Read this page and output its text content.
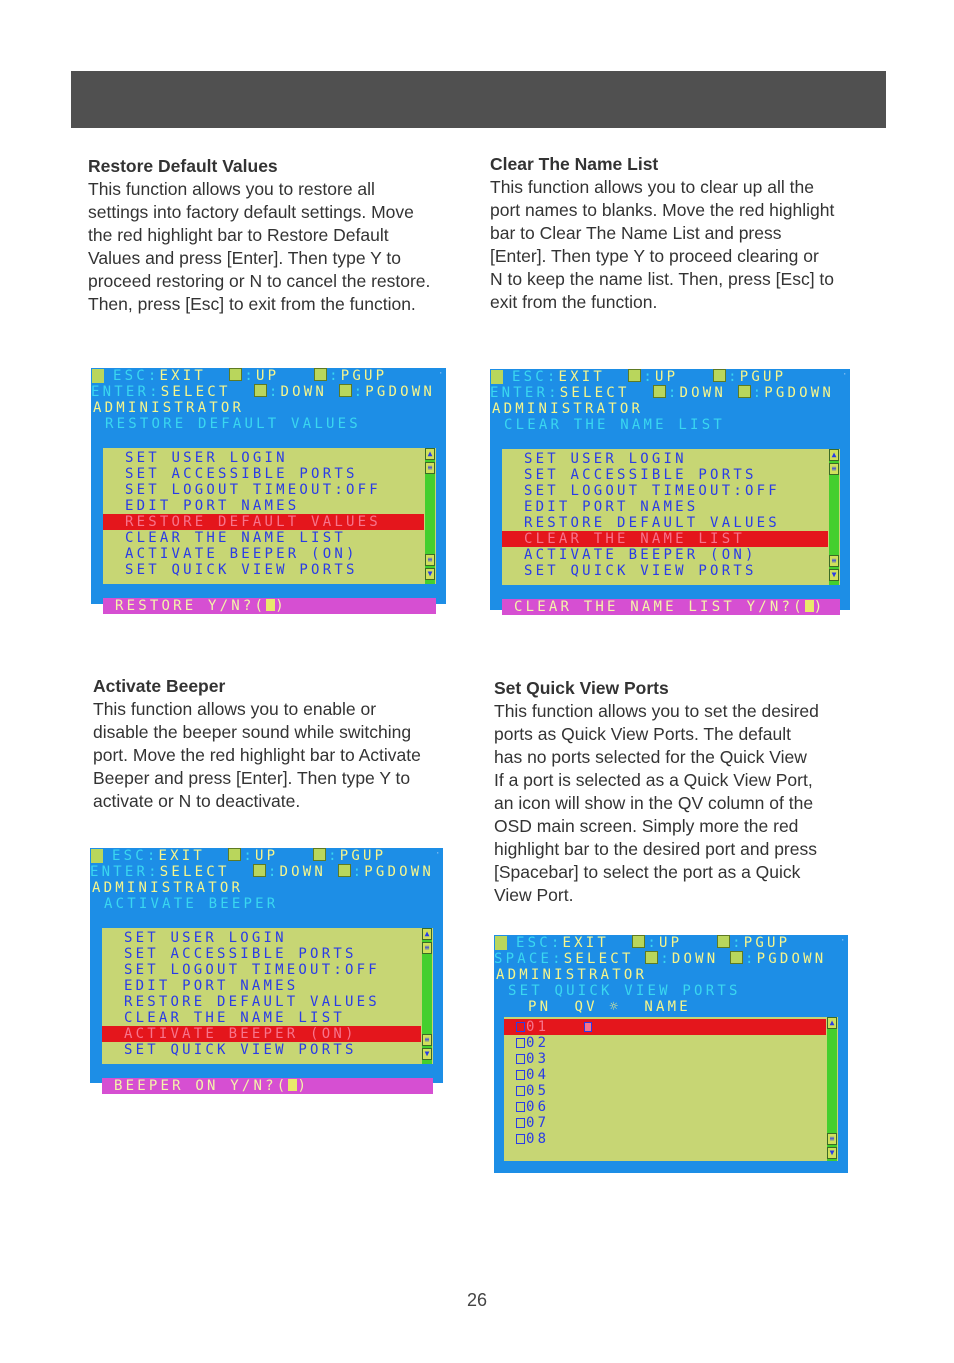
Restore Default Values

This function allows you to restore all
settings into factory default settings. Move
the red highlight bar to Restore Default
Values and press [Enter]. Then type Y to
proceed restoring or N to cancel the restore.
Then, press [Esc] to exit from the function.

Clear The Name List

This function allows you to clear up all the
port names to blanks. Move the red highlight
bar to Clear The Name List and press
[Enter]. Then type Y to proceed clearing or
N to keep the name list. Then, press [Esc] to
exit from the function.

Activate Beeper

This function allows you to enable or
disable the beeper sound while switching
port. Move the red highlight bar to Activate
Beeper and press [Enter]. Then type Y to
activate or N to deactivate.

Set Quick View Ports

This function allows you to set the desired
ports as Quick View Ports. The default
has no ports selected for the Quick View
If a port is selected as a Quick View Port,
an icon will show in the QV column of the
OSD main screen. Simply more the red
highlight bar to the desired port and press
[Spacebar] to select the port as a Quick
View Port.

·
ESC:EXIT	:UP	:PGUP
ENTER:SELECT	:DOWN :PGDOWN
ADMINISTRATOR
RESTORE DEFAULT VALUES
SET USER LOGIN
SET ACCESSIBLE PORTS
SET LOGOUT TIMEOUT:OFF
EDIT PORT NAMES
RESTORE DEFAULT VALUES
CLEAR THE NAME LIST
ACTIVATE BEEPER (ON)
SET QUICK VIEW PORTS
▲
≡
≡
▼
RESTORE Y/N?( )
·
ESC:EXIT	:UP	:PGUP
ENTER:SELECT	:DOWN :PGDOWN
ADMINISTRATOR
CLEAR THE NAME LIST
SET USER LOGIN
SET ACCESSIBLE PORTS
SET LOGOUT TIMEOUT:OFF
EDIT PORT NAMES
RESTORE DEFAULT VALUES
CLEAR THE NAME LIST
ACTIVATE BEEPER (ON)
SET QUICK VIEW PORTS
▲
≡
≡
▼
CLEAR THE NAME LIST Y/N?( )
·
ESC:EXIT	:UP	:PGUP
ENTER:SELECT	:DOWN :PGDOWN
ADMINISTRATOR
ACTIVATE BEEPER
SET USER LOGIN
SET ACCESSIBLE PORTS
SET LOGOUT TIMEOUT:OFF
EDIT PORT NAMES
RESTORE DEFAULT VALUES
CLEAR THE NAME LIST
ACTIVATE BEEPER (ON)
SET QUICK VIEW PORTS
▲
≡
≡
▼
BEEPER ON Y/N?( )
·
ESC:EXIT	:UP	:PGUP
SPACE:SELECT :DOWN :PGDOWN
ADMINISTRATOR
SET QUICK VIEW PORTS
01
02
03
04
05
06
07
08
▲
▼
≡
PN QV ☼ NAME
26
